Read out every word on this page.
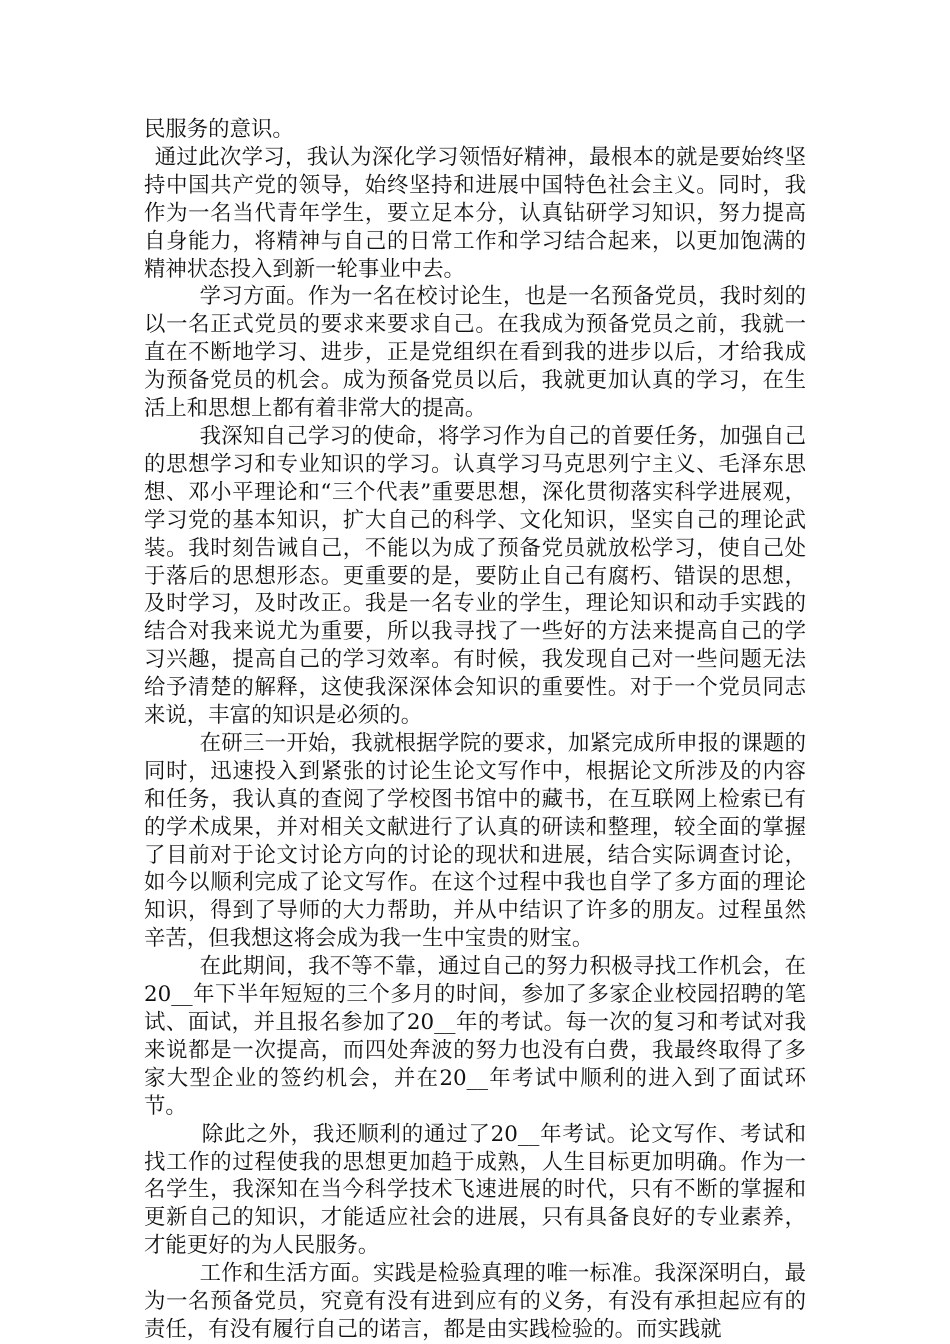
民服务的意识。

通过此次学习，我认为深化学习领悟好精神，最根本的就是要始终坚持中国共产党的领导，始终坚持和进展中国特色社会主义。同时，我作为一名当代青年学生，要立足本分，认真钻研学习知识，努力提高自身能力，将精神与自己的日常工作和学习结合起来，以更加饱满的精神状态投入到新一轮事业中去。

学习方面。作为一名在校讨论生，也是一名预备党员，我时刻的以一名正式党员的要求来要求自己。在我成为预备党员之前，我就一直在不断地学习、进步，正是党组织在看到我的进步以后，才给我成为预备党员的机会。成为预备党员以后，我就更加认真的学习，在生活上和思想上都有着非常大的提高。

我深知自己学习的使命，将学习作为自己的首要任务，加强自己的思想学习和专业知识的学习。认真学习马克思列宁主义、毛泽东思想、邓小平理论和“三个代表”重要思想，深化贯彻落实科学进展观，学习党的基本知识，扩大自己的科学、文化知识，坚实自己的理论武装。我时刻告诫自己，不能以为成了预备党员就放松学习，使自己处于落后的思想形态。更重要的是，要防止自己有腐朽、错误的思想，及时学习，及时改正。我是一名专业的学生，理论知识和动手实践的结合对我来说尤为重要，所以我寻找了一些好的方法来提高自己的学习兴趣，提高自己的学习效率。有时候，我发现自己对一些问题无法给予清楚的解释，这使我深深体会知识的重要性。对于一个党员同志来说，丰富的知识是必须的。

在研三一开始，我就根据学院的要求，加紧完成所申报的课题的同时，迅速投入到紧张的讨论生论文写作中，根据论文所涉及的内容和任务，我认真的查阅了学校图书馆中的藏书，在互联网上检索已有的学术成果，并对相关文献进行了认真的研读和整理，较全面的掌握了目前对于论文讨论方向的讨论的现状和进展，结合实际调查讨论，如今以顺利完成了论文写作。在这个过程中我也自学了多方面的理论知识，得到了导师的大力帮助，并从中结识了许多的朋友。过程虽然辛苦，但我想这将会成为我一生中宝贵的财宝。

在此期间，我不等不靠，通过自己的努力积极寻找工作机会，在20__年下半年短短的三个多月的时间，参加了多家企业校园招聘的笔试、面试，并且报名参加了20__年的考试。每一次的复习和考试对我来说都是一次提高，而四处奔波的努力也没有白费，我最终取得了多家大型企业的签约机会，并在20__年考试中顺利的进入到了面试环节。

除此之外，我还顺利的通过了20__年考试。论文写作、考试和找工作的过程使我的思想更加趋于成熟，人生目标更加明确。作为一名学生，我深知在当今科学技术飞速进展的时代，只有不断的掌握和更新自己的知识，才能适应社会的进展，只有具备良好的专业素养，才能更好的为人民服务。

工作和生活方面。实践是检验真理的唯一标准。我深深明白，最为一名预备党员，究竟有没有进到应有的义务，有没有承担起应有的责任，有没有履行自己的诺言，都是由实践检验的。而实践就
